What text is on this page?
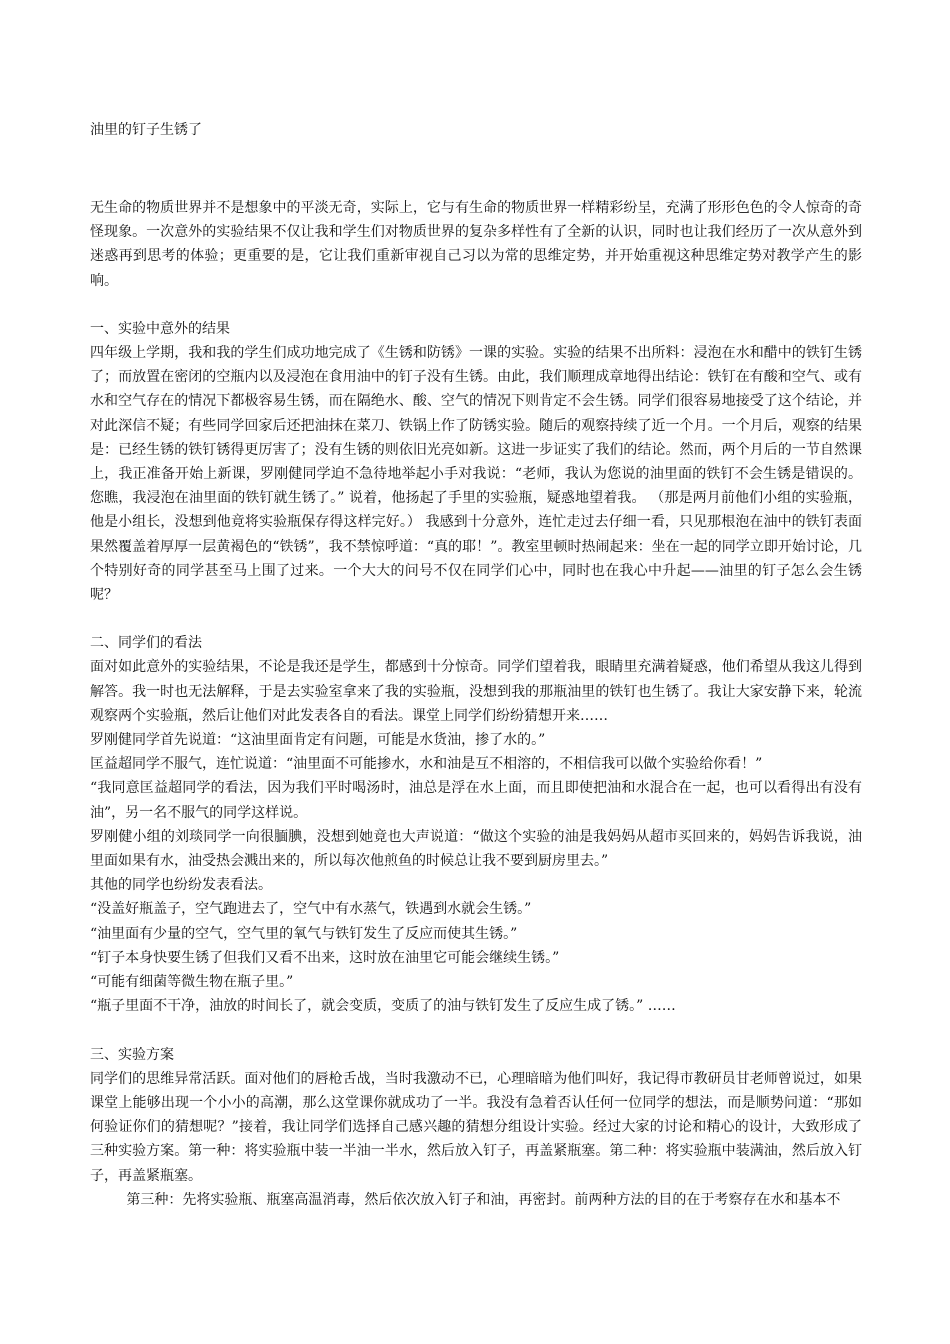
油里的钉子生锈了

无生命的物质世界并不是想象中的平淡无奇，实际上，它与有生命的物质世界一样精彩纷呈，充满了形形色色的令人惊奇的奇怪现象。一次意外的实验结果不仅让我和学生们对物质世界的复杂多样性有了全新的认识，同时也让我们经历了一次从意外到迷惑再到思考的体验；更重要的是，它让我们重新审视自己习以为常的思维定势，并开始重视这种思维定势对教学产生的影响。

一、实验中意外的结果

四年级上学期，我和我的学生们成功地完成了《生锈和防锈》一课的实验。实验的结果不出所料：浸泡在水和醋中的铁钉生锈了；而放置在密闭的空瓶内以及浸泡在食用油中的钉子没有生锈。由此，我们顺理成章地得出结论：铁钉在有酸和空气、或有水和空气存在的情况下都极容易生锈，而在隔绝水、酸、空气的情况下则肯定不会生锈。同学们很容易地接受了这个结论，并对此深信不疑；有些同学回家后还把油抹在菜刀、铁锅上作了防锈实验。随后的观察持续了近一个月。一个月后，观察的结果是：已经生锈的铁钉锈得更厉害了；没有生锈的则依旧光亮如新。这进一步证实了我们的结论。然而，两个月后的一节自然课上，我正准备开始上新课，罗刚健同学迫不急待地举起小手对我说：“老师，我认为您说的油里面的铁钉不会生锈是错误的。您瞧，我浸泡在油里面的铁钉就生锈了。” 说着，他扬起了手里的实验瓶，疑惑地望着我。 （那是两月前他们小组的实验瓶，他是小组长，没想到他竟将实验瓶保存得这样完好。） 我感到十分意外，连忙走过去仔细一看，只见那根泡在油中的铁钉表面果然覆盖着厚厚一层黄褐色的“铁锈”，我不禁惊呼道：“真的耶！”。教室里顿时热闹起来：坐在一起的同学立即开始讨论，几个特别好奇的同学甚至马上围了过来。一个大大的问号不仅在同学们心中，同时也在我心中升起——油里的钉子怎么会生锈呢？

二、同学们的看法

面对如此意外的实验结果，不论是我还是学生，都感到十分惊奇。同学们望着我，眼睛里充满着疑惑，他们希望从我这儿得到解答。我一时也无法解释，于是去实验室拿来了我的实验瓶，没想到我的那瓶油里的铁钉也生锈了。我让大家安静下来，轮流观察两个实验瓶，然后让他们对此发表各自的看法。课堂上同学们纷纷猜想开来……

罗刚健同学首先说道：“这油里面肯定有问题，可能是水货油，掺了水的。”

匡益超同学不服气，连忙说道：“油里面不可能掺水，水和油是互不相溶的，不相信我可以做个实验给你看！”

“我同意匡益超同学的看法，因为我们平时喝汤时，油总是浮在水上面，而且即使把油和水混合在一起，也可以看得出有没有油”，另一名不服气的同学这样说。

罗刚健小组的刘琰同学一向很腼腆，没想到她竟也大声说道：“做这个实验的油是我妈妈从超市买回来的，妈妈告诉我说，油里面如果有水，油受热会溅出来的，所以每次他煎鱼的时候总让我不要到厨房里去。”

其他的同学也纷纷发表看法。

“没盖好瓶盖子，空气跑进去了，空气中有水蒸气，铁遇到水就会生锈。”

“油里面有少量的空气，空气里的氧气与铁钉发生了反应而使其生锈。”

“钉子本身快要生锈了但我们又看不出来，这时放在油里它可能会继续生锈。”

“可能有细菌等微生物在瓶子里。”

“瓶子里面不干净，油放的时间长了，就会变质，变质了的油与铁钉发生了反应生成了锈。” ……

三、实验方案

同学们的思维异常活跃。面对他们的唇枪舌战，当时我激动不已，心理暗暗为他们叫好，我记得市教研员甘老师曾说过，如果课堂上能够出现一个小小的高潮，那么这堂课你就成功了一半。我没有急着否认任何一位同学的想法，而是顺势问道：“那如何验证你们的猜想呢？”接着，我让同学们选择自己感兴趣的猜想分组设计实验。经过大家的讨论和精心的设计，大致形成了三种实验方案。第一种：将实验瓶中装一半油一半水，然后放入钉子，再盖紧瓶塞。第二种：将实验瓶中装满油，然后放入钉子，再盖紧瓶塞。

第三种：先将实验瓶、瓶塞高温消毒，然后依次放入钉子和油，再密封。前两种方法的目的在于考察存在水和基本不
